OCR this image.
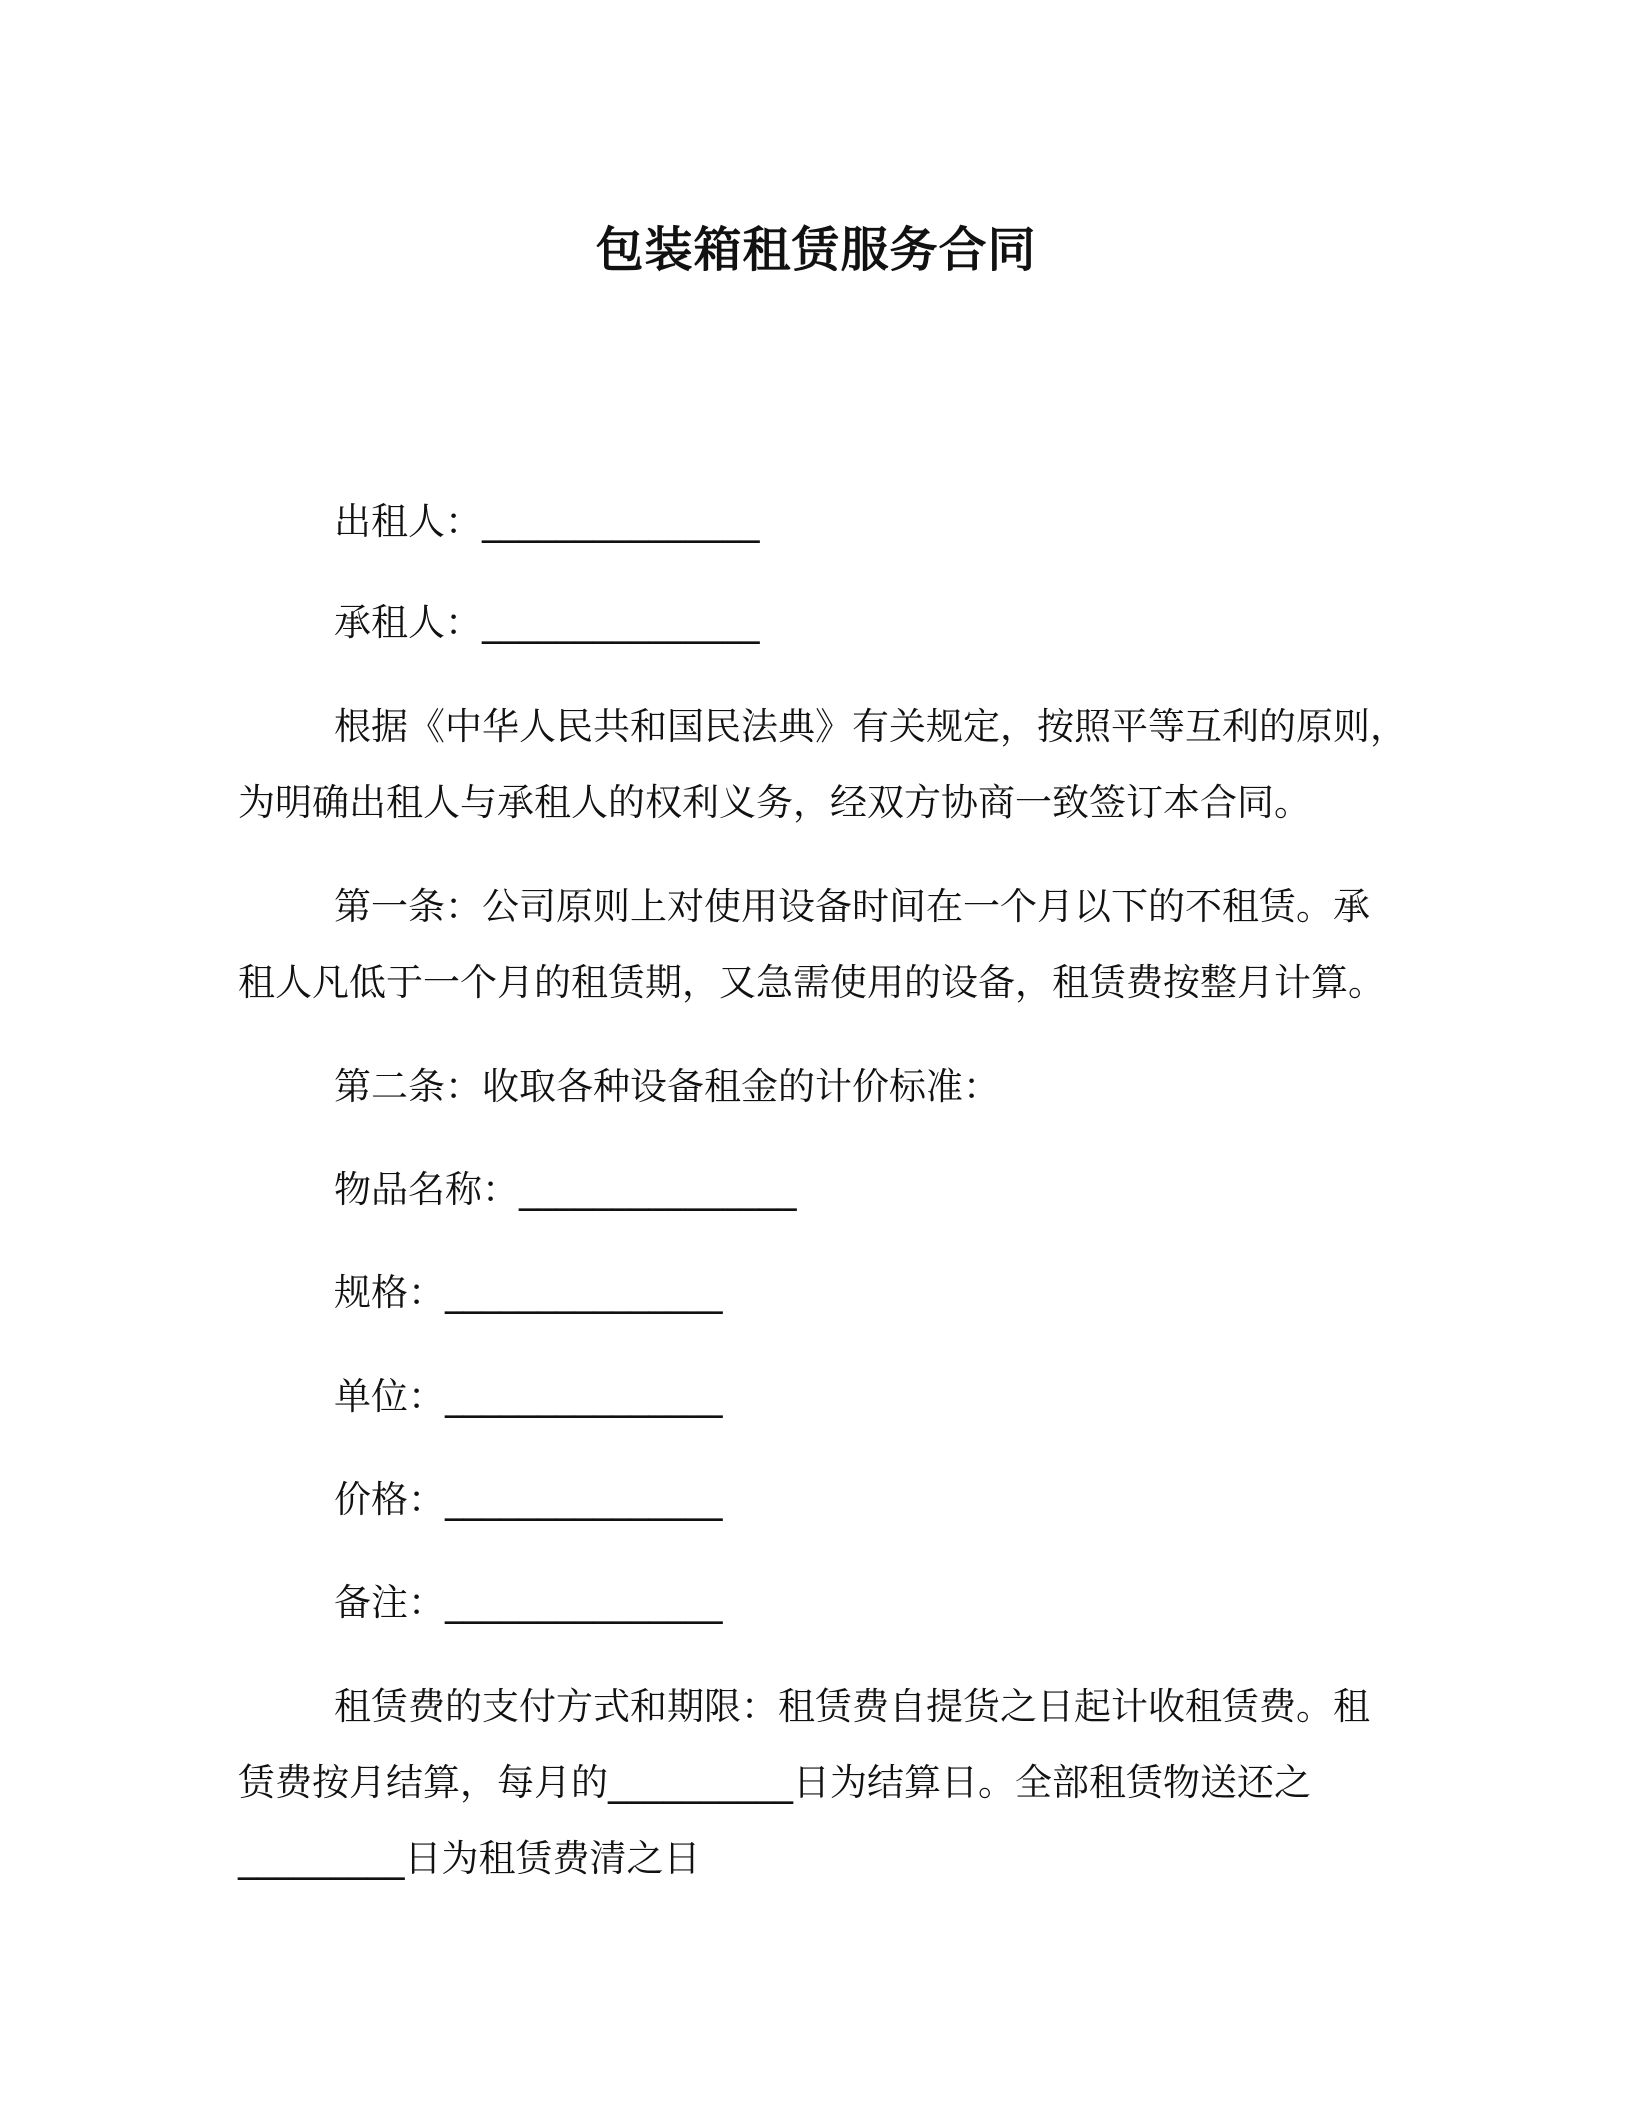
包装箱租赁服务合同
出租人：_______________
承租人：_______________
根据《中华人民共和国民法典》有关规定，按照平等互利的原则，
为明确出租人与承租人的权利义务，经双方协商一致签订本合同。
第一条：公司原则上对使用设备时间在一个月以下的不租赁。承
租人凡低于一个月的租赁期，又急需使用的设备，租赁费按整月计算。
第二条：收取各种设备租金的计价标准：
物品名称：_______________
规格：_______________
单位：_______________
价格：_______________
备注：_______________
租赁费的支付方式和期限：租赁费自提货之日起计收租赁费。租
赁费按月结算，每月的__________日为结算日。全部租赁物送还之
_________日为租赁费清之日
